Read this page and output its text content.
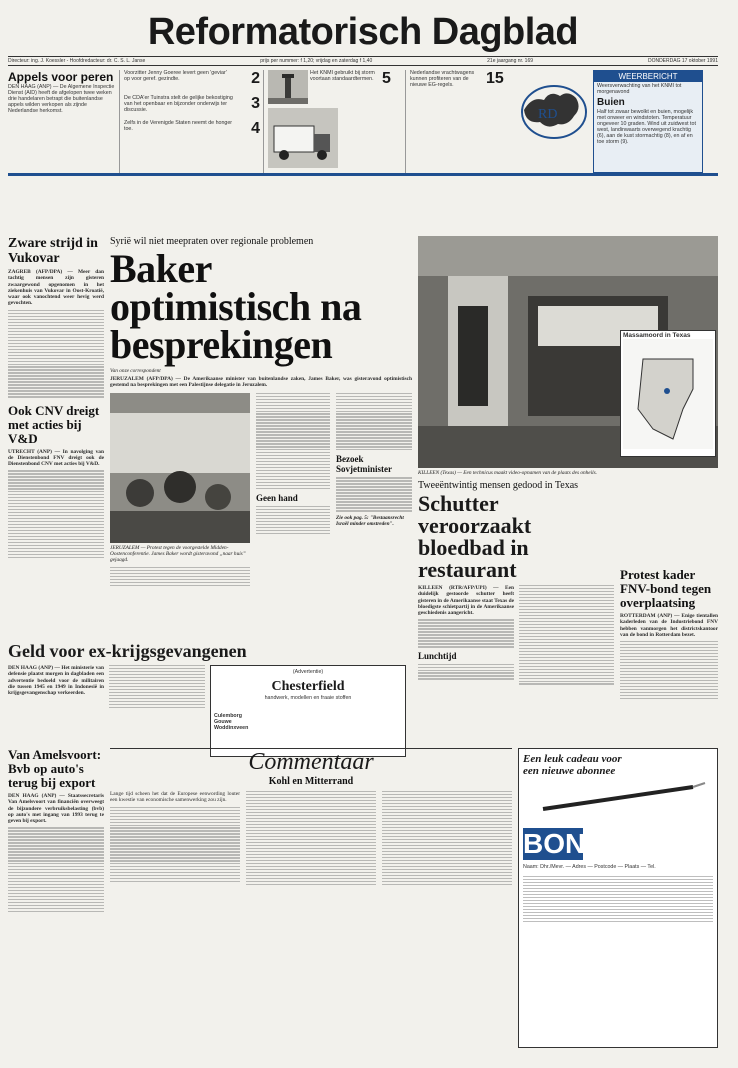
Reformatorisch Dagblad
Directeur: ing. J. Koessler - Hoofdredacteur: dr. C. S. L. Janse	prijs per nummer: f 1,20; vrijdag en zaterdag f 1,40	21e jaargang nr. 169	DONDERDAG 17 oktober 1991
Appels voor peren

DEN HAAG (ANP) — De Algemene Inspectie Dienst (AID) heeft de afgelopen twee weken drie handelaren betrapt die buitenlandse appels wilden verkopen als zijnde Nederlandse herkomst.

Voorzitter Jenny Goeree levert geen 'geviar' op voor geref. gezindte.	2

De CDA'er Tuinstra stelt de gelijke bekostiging van het openbaar en bijzonder onderwijs ter discussie.	3

Zelfs in de Verenigde Staten neemt de honger toe.	4

Het KNMI gebruikt bij storm voortaan standaardtermen. 5	Nederlandse vrachtwagens kunnen profiteren van de nieuwe EG-regels.	15
RD
WEERBERICHT

Weersverwachting van het KNMI tot morgenavond

Buien

Half tot zwaar bewolkt en buien, mogelijk met onweer en windstoten. Temperatuur ongeveer 10 graden. Wind uit zuidwest tot west, landinwaarts overwegend krachtig (6), aan de kust stormachtig (8), en af en toe storm (9).

Zware strijd in Vukovar

ZAGREB (AFP/DPA) — Meer dan tachtig mensen zijn gisteren zwaargewond opgenomen in het ziekenhuis van Vukovar in Oost-Kroatië, waar ook vanochtend weer hevig werd gevochten.

Ook CNV dreigt met acties bij V&D

UTRECHT (ANP) — In navolging van de Dienstenbond FNV dreigt ook de Dienstenbond CNV met acties bij V&D.

Syrië wil niet meepraten over regionale problemen
Baker optimistisch na besprekingen

Van onze correspondent

JERUZALEM (AFP/DPA) — De Amerikaanse minister van buitenlandse zaken, James Baker, was gisteravond optimistisch gestemd na besprekingen met een Palestijnse delegatie in Jeruzalem.

JERUZALEM — Protest tegen de voorgestelde Midden-Oostenconferentie. James Baker wordt gisteravond „naar huis” gejaagd.

Geen hand
Bezoek Sovjetminister

Zie ook pag. 5: "Bestaansrecht Israël minder omstreden".

Massamoord in Texas

KILLEEN (Texas) — Een technicus maakt video-opnamen van de plaats des onheils.

Tweeëntwintig mensen gedood in Texas
Schutter veroorzaakt bloedbad in restaurant

KILLEEN (RTR/AFP/UPI) — Een duidelijk gestoorde schutter heeft gisteren in de Amerikaanse staat Texas de bloedigste schietpartij in de Amerikaanse geschiedenis aangericht.

Lunchtijd
Protest kader FNV-bond tegen overplaatsing

ROTTERDAM (ANP) — Enige tientallen kaderleden van de Industriebond FNV hebben vanmorgen het districtskantoor van de bond in Rotterdam bezet.

Geld voor ex-krijgsgevangenen

DEN HAAG (ANP) — Het ministerie van defensie plaatst morgen in dagbladen een advertentie bedoeld voor de militairen die tussen 1945 en 1949 in Indonesië in krijgsgevangenschap verkeerden.

(Advertentie)
Chesterfield
handwerk, modellen en fraaie stoffen
Culemborg
Gouwe
Woddinxveen
Van Amelsvoort: Bvb op auto's terug bij export

DEN HAAG (ANP) — Staatssecretaris Van Amelsvoort van financiën overweegt de bijzondere verbruiksbelasting (bvb) op auto's met ingang van 1993 terug te geven bij export.

Commentaar
Kohl en Mitterrand

Lange tijd scheen het dat de Europese eenwording louter een kwestie van economische samenwerking zou zijn.

Een leuk cadeau voor een nieuwe abonnee
BON

Naam: Dhr./Mevr. — Adres — Postcode — Plaats — Tel.
